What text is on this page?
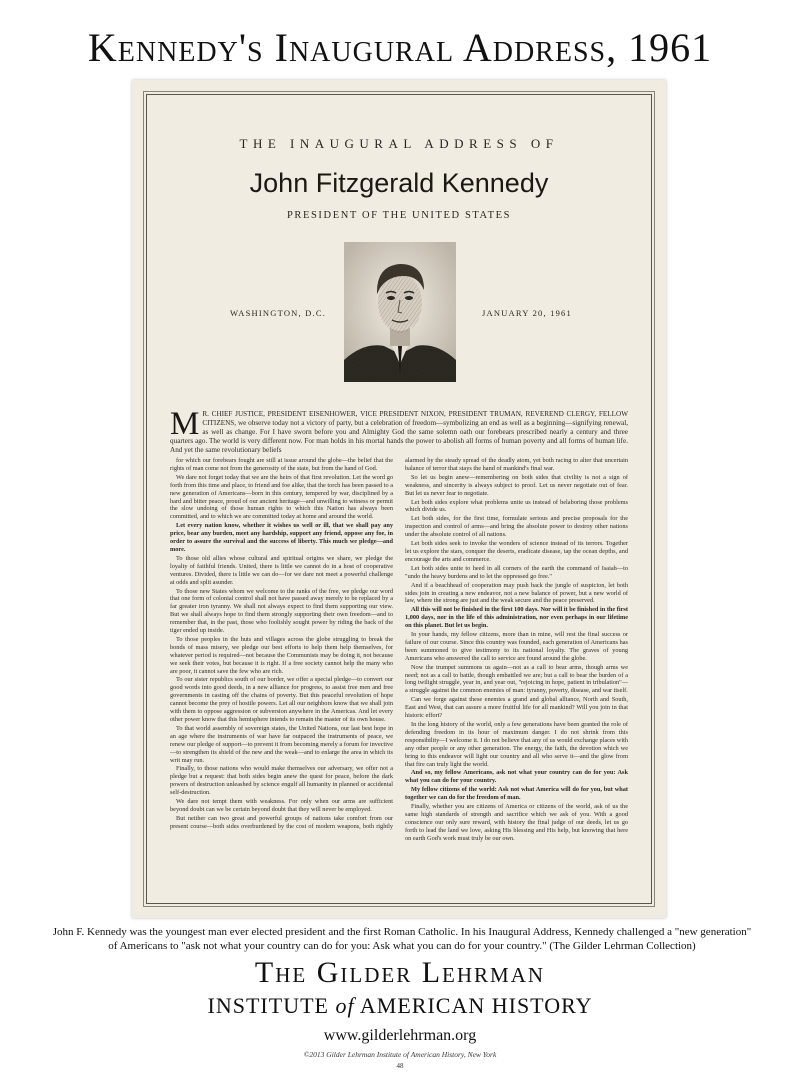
Kennedy's Inaugural Address, 1961
THE INAUGURAL ADDRESS OF
John Fitzgerald Kennedy
PRESIDENT OF THE UNITED STATES
WASHINGTON, D.C.	JANUARY 20, 1961
M R. CHIEF JUSTICE, PRESIDENT EISENHOWER, VICE PRESIDENT NIXON, PRESIDENT TRUMAN, REVEREND CLERGY, FELLOW CITIZENS, we observe today not a victory of party, but a celebration of freedom—symbolizing an end as well as a beginning—signifying renewal, as well as change. For I have sworn before you and Almighty God the same solemn oath our forebears prescribed nearly a century and three quarters ago. The world is very different now. For man holds in his mortal hands the power to abolish all forms of human poverty and all forms of human life. And yet the same revolutionary beliefs

for which our forebears fought are still at issue around the globe—the belief that the rights of man come not from the generosity of the state, but from the hand of God.

We dare not forget today that we are the heirs of that first revolution. Let the word go forth from this time and place, to friend and foe alike, that the torch has been passed to a new generation of Americans—born in this century, tempered by war, disciplined by a hard and bitter peace, proud of our ancient heritage—and unwilling to witness or permit the slow undoing of those human rights to which this Nation has always been committed, and to which we are committed today at home and around the world.

Let every nation know, whether it wishes us well or ill, that we shall pay any price, bear any burden, meet any hardship, support any friend, oppose any foe, in order to assure the survival and the success of liberty. This much we pledge—and more.

To those old allies whose cultural and spiritual origins we share, we pledge the loyalty of faithful friends. United, there is little we cannot do in a host of cooperative ventures. Divided, there is little we can do—for we dare not meet a powerful challenge at odds and split asunder.

To those new States whom we welcome to the ranks of the free, we pledge our word that one form of colonial control shall not have passed away merely to be replaced by a far greater iron tyranny. We shall not always expect to find them supporting our view. But we shall always hope to find them strongly supporting their own freedom—and to remember that, in the past, those who foolishly sought power by riding the back of the tiger ended up inside.

To those peoples in the huts and villages across the globe struggling to break the bonds of mass misery, we pledge our best efforts to help them help themselves, for whatever period is required—not because the Communists may be doing it, not because we seek their votes, but because it is right. If a free society cannot help the many who are poor, it cannot save the few who are rich.

To our sister republics south of our border, we offer a special pledge—to convert our good words into good deeds, in a new alliance for progress, to assist free men and free governments in casting off the chains of poverty. But this peaceful revolution of hope cannot become the prey of hostile powers. Let all our neighbors know that we shall join with them to oppose aggression or subversion anywhere in the Americas. And let every other power know that this hemisphere intends to remain the master of its own house.

To that world assembly of sovereign states, the United Nations, our last best hope in an age where the instruments of war have far outpaced the instruments of peace, we renew our pledge of support—to prevent it from becoming merely a forum for invective—to strengthen its shield of the new and the weak—and to enlarge the area in which its writ may run.

Finally, to those nations who would make themselves our adversary, we offer not a pledge but a request: that both sides begin anew the quest for peace, before the dark powers of destruction unleashed by science engulf all humanity in planned or accidental self-destruction.

We dare not tempt them with weakness. For only when our arms are sufficient beyond doubt can we be certain beyond doubt that they will never be employed.

But neither can two great and powerful groups of nations take comfort from our present course—both sides overburdened by the cost of modern weapons, both rightly alarmed by the steady spread of the deadly atom, yet both racing to alter that uncertain balance of terror that stays the hand of mankind's final war.

So let us begin anew—remembering on both sides that civility is not a sign of weakness, and sincerity is always subject to proof. Let us never negotiate out of fear. But let us never fear to negotiate.

Let both sides explore what problems unite us instead of belaboring those problems which divide us.

Let both sides, for the first time, formulate serious and precise proposals for the inspection and control of arms—and bring the absolute power to destroy other nations under the absolute control of all nations.

Let both sides seek to invoke the wonders of science instead of its terrors. Together let us explore the stars, conquer the deserts, eradicate disease, tap the ocean depths, and encourage the arts and commerce.

Let both sides unite to heed in all corners of the earth the command of Isaiah—to "undo the heavy burdens and to let the oppressed go free."

And if a beachhead of cooperation may push back the jungle of suspicion, let both sides join in creating a new endeavor, not a new balance of power, but a new world of law, where the strong are just and the weak secure and the peace preserved.

All this will not be finished in the first 100 days. Nor will it be finished in the first 1,000 days, nor in the life of this administration, nor even perhaps in our lifetime on this planet. But let us begin.

In your hands, my fellow citizens, more than in mine, will rest the final success or failure of our course. Since this country was founded, each generation of Americans has been summoned to give testimony to its national loyalty. The graves of young Americans who answered the call to service are found around the globe.

Now the trumpet summons us again—not as a call to bear arms, though arms we need; not as a call to battle, though embattled we are; but a call to bear the burden of a long twilight struggle, year in, and year out, "rejoicing in hope, patient in tribulation"—a struggle against the common enemies of man: tyranny, poverty, disease, and war itself.

Can we forge against these enemies a grand and global alliance, North and South, East and West, that can assure a more fruitful life for all mankind? Will you join in that historic effort?

In the long history of the world, only a few generations have been granted the role of defending freedom in its hour of maximum danger. I do not shrink from this responsibility—I welcome it. I do not believe that any of us would exchange places with any other people or any other generation. The energy, the faith, the devotion which we bring to this endeavor will light our country and all who serve it—and the glow from that fire can truly light the world.

And so, my fellow Americans, ask not what your country can do for you: Ask what you can do for your country.

My fellow citizens of the world: Ask not what America will do for you, but what together we can do for the freedom of man.

Finally, whether you are citizens of America or citizens of the world, ask of us the same high standards of strength and sacrifice which we ask of you. With a good conscience our only sure reward, with history the final judge of our deeds, let us go forth to lead the land we love, asking His blessing and His help, but knowing that here on earth God's work must truly be our own.

John F. Kennedy was the youngest man ever elected president and the first Roman Catholic. In his Inaugural Address, Kennedy challenged a "new generation" of Americans to "ask not what your country can do for you: Ask what you can do for your country." (The Gilder Lehrman Collection)
The Gilder Lehrman
INSTITUTE of AMERICAN HISTORY
www.gilderlehrman.org
©2013 Gilder Lehrman Institute of American History, New York
48
